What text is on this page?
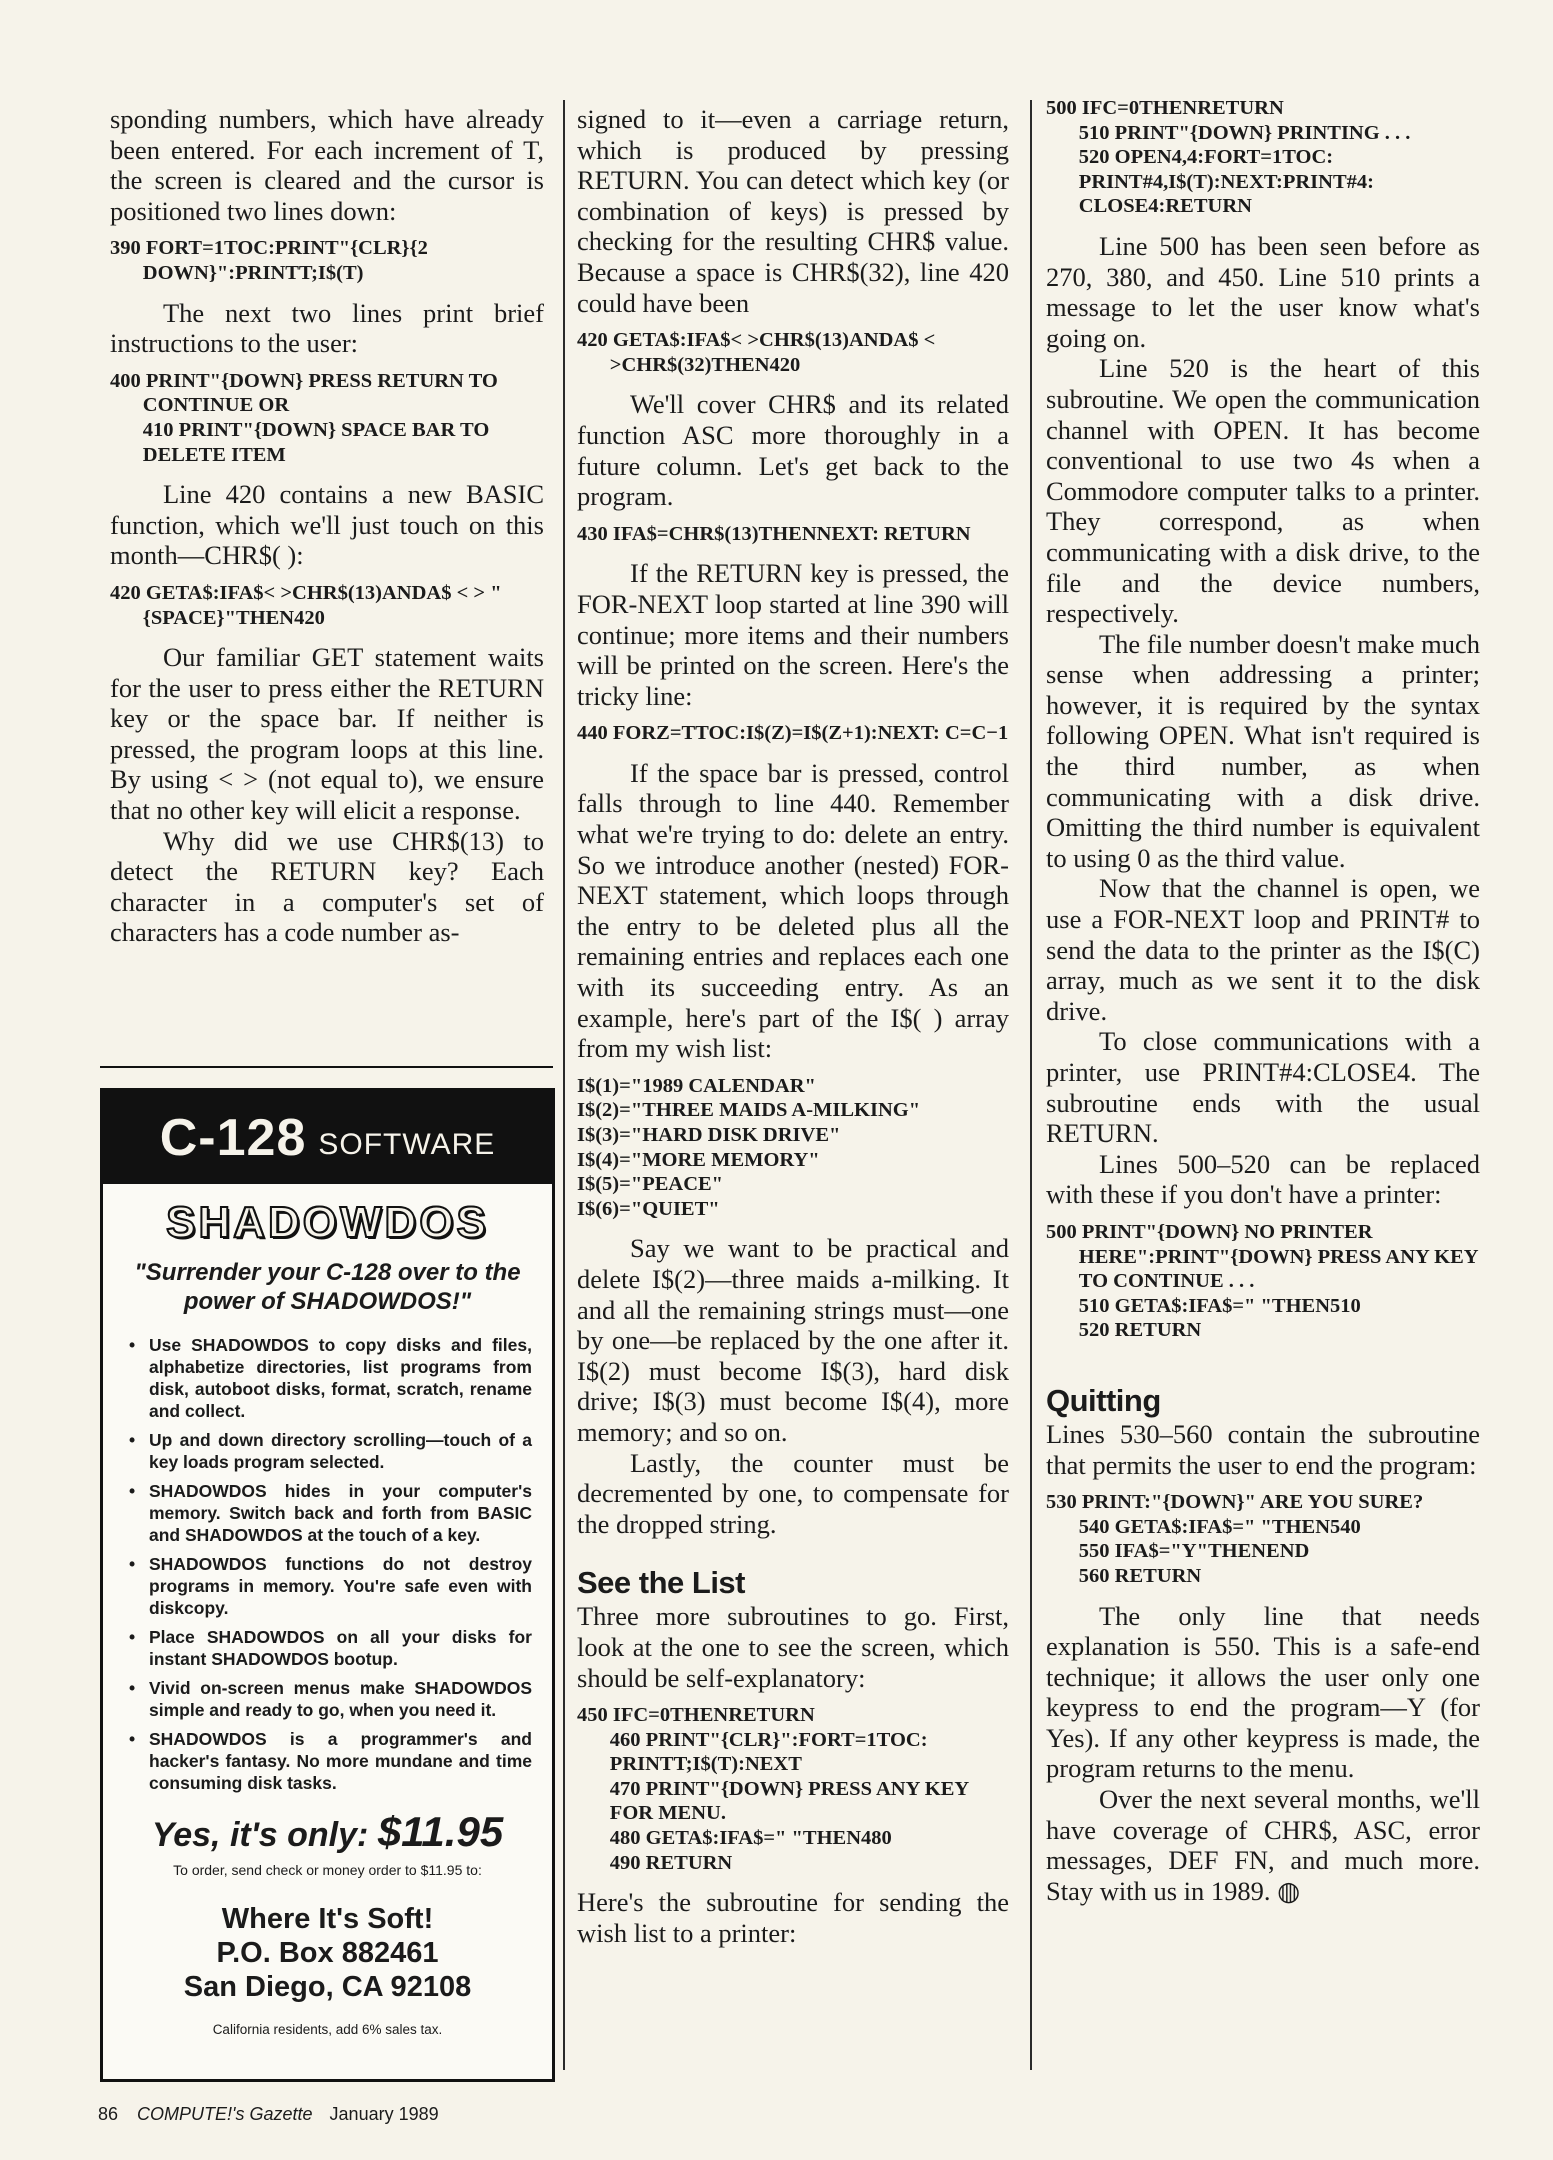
sponding numbers, which have already been entered. For each increment of T, the screen is cleared and the cursor is positioned two lines down:

390 FORT=1TOC:PRINT"{CLR}{2 DOWN}":PRINTT;I$(T)

The next two lines print brief instructions to the user:

400 PRINT"{DOWN} PRESS RETURN TO CONTINUE OR
410 PRINT"{DOWN} SPACE BAR TO DELETE ITEM

Line 420 contains a new BASIC function, which we'll just touch on this month—CHR$( ):

420 GETA$:IFA$< >CHR$(13)ANDA$ < > "{SPACE}"THEN420

Our familiar GET statement waits for the user to press either the RETURN key or the space bar. If neither is pressed, the program loops at this line. By using < > (not equal to), we ensure that no other key will elicit a response.

Why did we use CHR$(13) to detect the RETURN key? Each character in a computer's set of characters has a code number as-

C-128 SOFTWARE
SHADOWDOS
"Surrender your C-128 over to the power of SHADOWDOS!"
• Use SHADOWDOS to copy disks and files, alphabetize directories, list programs from disk, autoboot disks, format, scratch, rename and collect.
• Up and down directory scrolling—touch of a key loads program selected.
• SHADOWDOS hides in your computer's memory. Switch back and forth from BASIC and SHADOWDOS at the touch of a key.
• SHADOWDOS functions do not destroy programs in memory. You're safe even with diskcopy.
• Place SHADOWDOS on all your disks for instant SHADOWDOS bootup.
• Vivid on-screen menus make SHADOWDOS simple and ready to go, when you need it.
• SHADOWDOS is a programmer's and hacker's fantasy. No more mundane and time consuming disk tasks.
Yes, it's only: $11.95
To order, send check or money order to $11.95 to:
Where It's Soft!
P.O. Box 882461
San Diego, CA 92108
California residents, add 6% sales tax.

signed to it—even a carriage return, which is produced by pressing RETURN. You can detect which key (or combination of keys) is pressed by checking for the resulting CHR$ value. Because a space is CHR$(32), line 420 could have been

420 GETA$:IFA$< >CHR$(13)ANDA$ < >CHR$(32)THEN420

We'll cover CHR$ and its related function ASC more thoroughly in a future column. Let's get back to the program.

430 IFA$=CHR$(13)THENNEXT: RETURN

If the RETURN key is pressed, the FOR-NEXT loop started at line 390 will continue; more items and their numbers will be printed on the screen. Here's the tricky line:

440 FORZ=TTOC:I$(Z)=I$(Z+1):NEXT: C=C−1

If the space bar is pressed, control falls through to line 440. Remember what we're trying to do: delete an entry. So we introduce another (nested) FOR-NEXT statement, which loops through the entry to be deleted plus all the remaining entries and replaces each one with its succeeding entry. As an example, here's part of the I$( ) array from my wish list:

I$(1)="1989 CALENDAR"
I$(2)="THREE MAIDS A-MILKING"
I$(3)="HARD DISK DRIVE"
I$(4)="MORE MEMORY"
I$(5)="PEACE"
I$(6)="QUIET"

Say we want to be practical and delete I$(2)—three maids a-milking. It and all the remaining strings must—one by one—be replaced by the one after it. I$(2) must become I$(3), hard disk drive; I$(3) must become I$(4), more memory; and so on.

Lastly, the counter must be decremented by one, to compensate for the dropped string.

See the List

Three more subroutines to go. First, look at the one to see the screen, which should be self-explanatory:

450 IFC=0THENRETURN
460 PRINT"{CLR}":FORT=1TOC: PRINTT;I$(T):NEXT
470 PRINT"{DOWN} PRESS ANY KEY FOR MENU.
480 GETA$:IFA$=" "THEN480
490 RETURN

Here's the subroutine for sending the wish list to a printer:

500 IFC=0THENRETURN
510 PRINT"{DOWN} PRINTING . . .
520 OPEN4,4:FORT=1TOC: PRINT#4,I$(T):NEXT:PRINT#4: CLOSE4:RETURN

Line 500 has been seen before as 270, 380, and 450. Line 510 prints a message to let the user know what's going on.

Line 520 is the heart of this subroutine. We open the communication channel with OPEN. It has become conventional to use two 4s when a Commodore computer talks to a printer. They correspond, as when communicating with a disk drive, to the file and the device numbers, respectively.

The file number doesn't make much sense when addressing a printer; however, it is required by the syntax following OPEN. What isn't required is the third number, as when communicating with a disk drive. Omitting the third number is equivalent to using 0 as the third value.

Now that the channel is open, we use a FOR-NEXT loop and PRINT# to send the data to the printer as the I$(C) array, much as we sent it to the disk drive.

To close communications with a printer, use PRINT#4:CLOSE4. The subroutine ends with the usual RETURN.

Lines 500–520 can be replaced with these if you don't have a printer:

500 PRINT"{DOWN} NO PRINTER HERE":PRINT"{DOWN} PRESS ANY KEY TO CONTINUE . . .
510 GETA$:IFA$=" "THEN510
520 RETURN
Quitting

Lines 530–560 contain the subroutine that permits the user to end the program:

530 PRINT:"{DOWN}" ARE YOU SURE?
540 GETA$:IFA$=" "THEN540
550 IFA$="Y"THENEND
560 RETURN

The only line that needs explanation is 550. This is a safe-end technique; it allows the user only one keypress to end the program—Y (for Yes). If any other keypress is made, the program returns to the menu.

Over the next several months, we'll have coverage of CHR$, ASC, error messages, DEF FN, and much more. Stay with us in 1989. ◍

86 COMPUTE!'s Gazette January 1989
